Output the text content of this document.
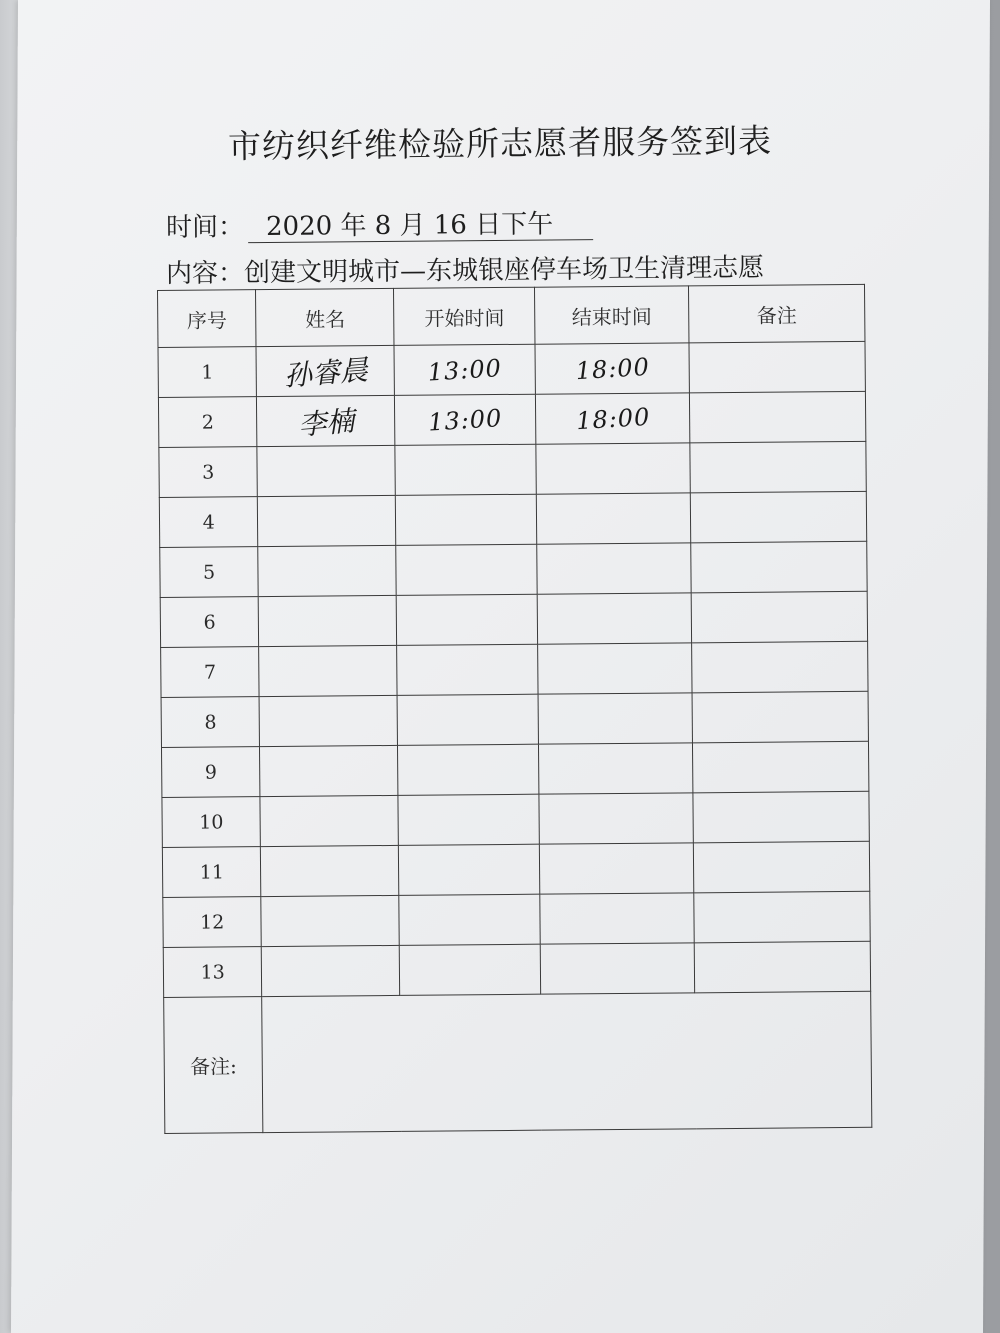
市纺织纤维检验所志愿者服务签到表
时间： 2020 年 8 月 16 日下午
内容：创建文明城市—东城银座停车场卫生清理志愿
序号	姓名	开始时间	结束时间	备注
1	孙睿晨	13:00	18:00	
2	李楠	13:00	18:00	
3				
4				
5				
6				
7				
8				
9				
10				
11				
12				
13				
备注:				
